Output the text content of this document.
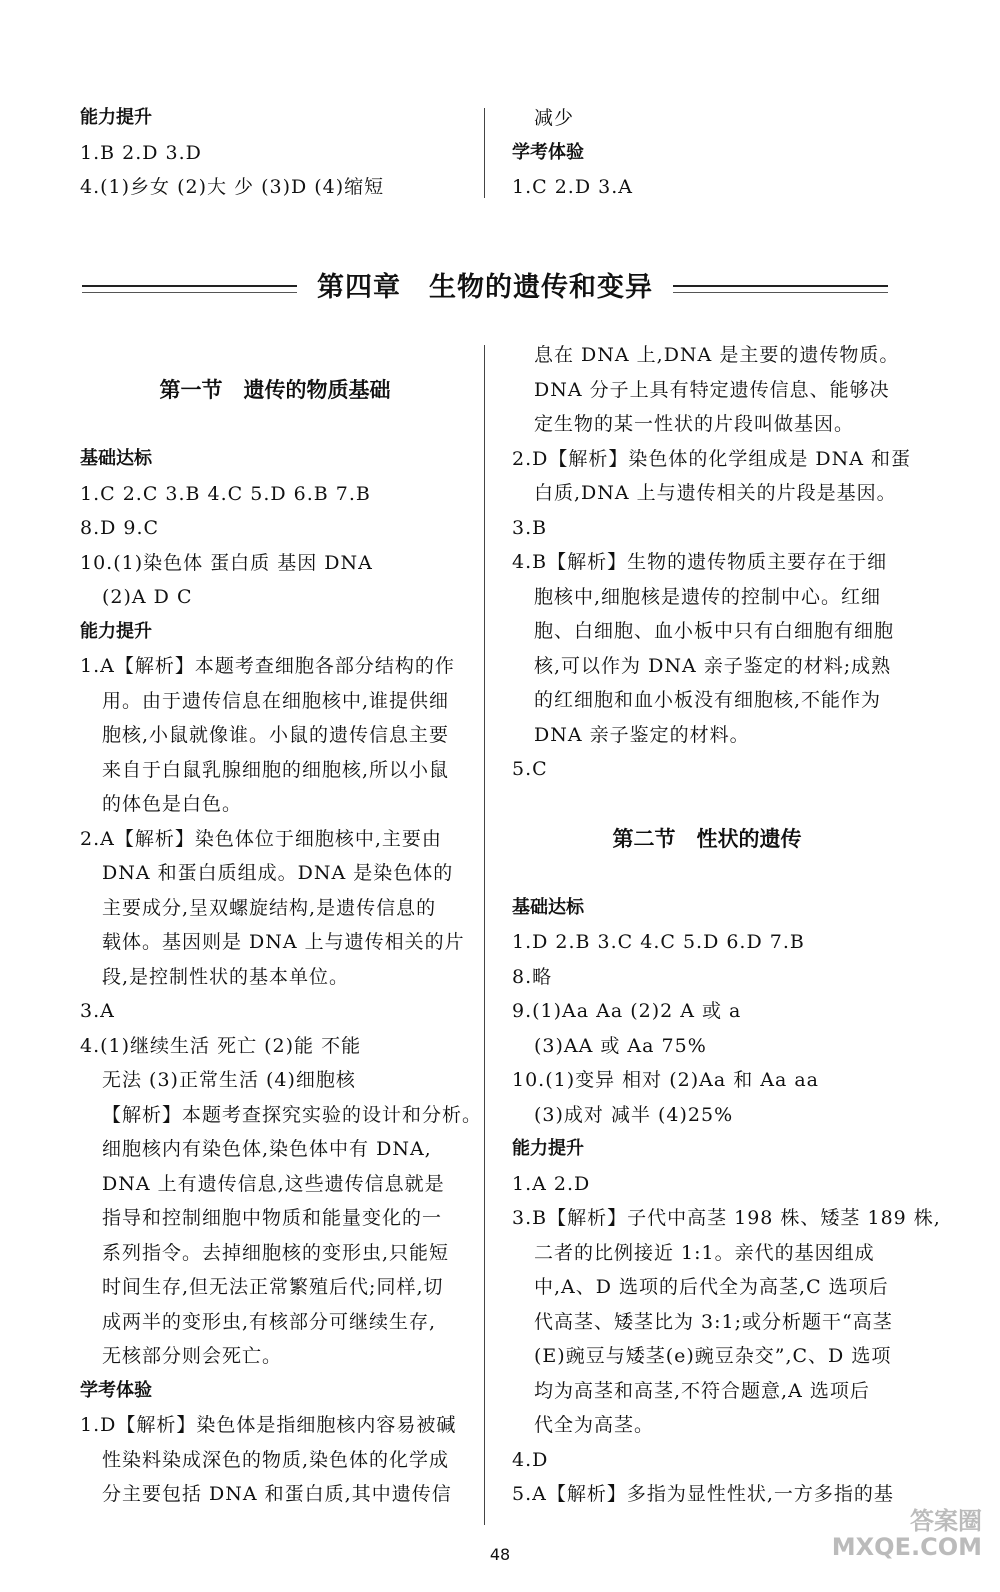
能力提升
1.B 2.D 3.D
4.(1)乡女 (2)大 少 (3)D (4)缩短
减少
学考体验
1.C 2.D 3.A
第四章　生物的遗传和变异
第一节　遗传的物质基础
基础达标
1.C 2.C 3.B 4.C 5.D 6.B 7.B
8.D 9.C
10.(1)染色体 蛋白质 基因 DNA
(2)A D C
能力提升
1.A【解析】本题考查细胞各部分结构的作
用。由于遗传信息在细胞核中,谁提供细
胞核,小鼠就像谁。小鼠的遗传信息主要
来自于白鼠乳腺细胞的细胞核,所以小鼠
的体色是白色。
2.A【解析】染色体位于细胞核中,主要由
DNA 和蛋白质组成。DNA 是染色体的
主要成分,呈双螺旋结构,是遗传信息的
载体。基因则是 DNA 上与遗传相关的片
段,是控制性状的基本单位。
3.A
4.(1)继续生活 死亡 (2)能 不能
无法 (3)正常生活 (4)细胞核
【解析】本题考查探究实验的设计和分析。
细胞核内有染色体,染色体中有 DNA,
DNA 上有遗传信息,这些遗传信息就是
指导和控制细胞中物质和能量变化的一
系列指令。去掉细胞核的变形虫,只能短
时间生存,但无法正常繁殖后代;同样,切
成两半的变形虫,有核部分可继续生存,
无核部分则会死亡。
学考体验
1.D【解析】染色体是指细胞核内容易被碱
性染料染成深色的物质,染色体的化学成
分主要包括 DNA 和蛋白质,其中遗传信
息在 DNA 上,DNA 是主要的遗传物质。
DNA 分子上具有特定遗传信息、能够决
定生物的某一性状的片段叫做基因。
2.D【解析】染色体的化学组成是 DNA 和蛋
白质,DNA 上与遗传相关的片段是基因。
3.B
4.B【解析】生物的遗传物质主要存在于细
胞核中,细胞核是遗传的控制中心。红细
胞、白细胞、血小板中只有白细胞有细胞
核,可以作为 DNA 亲子鉴定的材料;成熟
的红细胞和血小板没有细胞核,不能作为
DNA 亲子鉴定的材料。
5.C
第二节　性状的遗传
基础达标
1.D 2.B 3.C 4.C 5.D 6.D 7.B
8.略
9.(1)Aa Aa (2)2 A 或 a
(3)AA 或 Aa 75%
10.(1)变异 相对 (2)Aa 和 Aa aa
(3)成对 减半 (4)25%
能力提升
1.A 2.D
3.B【解析】子代中高茎 198 株、矮茎 189 株,
二者的比例接近 1:1。亲代的基因组成
中,A、D 选项的后代全为高茎,C 选项后
代高茎、矮茎比为 3:1;或分析题干“高茎
(E)豌豆与矮茎(e)豌豆杂交”,C、D 选项
均为高茎和高茎,不符合题意,A 选项后
代全为高茎。
4.D
5.A【解析】多指为显性性状,一方多指的基
48
答案圈
MXQE.COM
